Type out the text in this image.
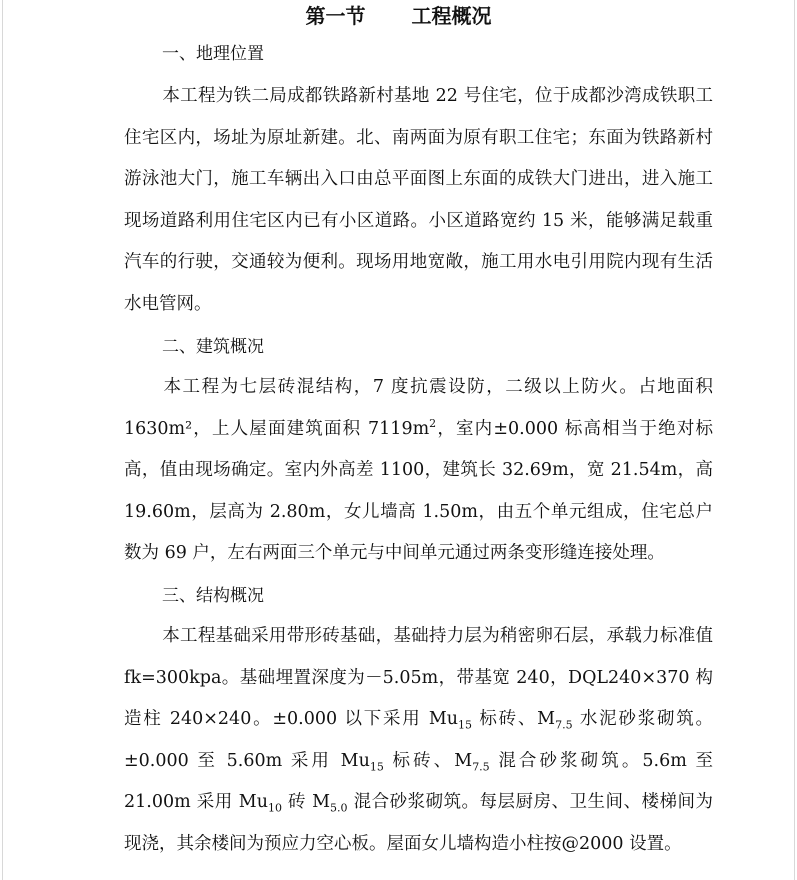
第一节 工程概况
一、地理位置

本工程为铁二局成都铁路新村基地 22 号住宅，位于成都沙湾成铁职工住宅区内，场址为原址新建。北、南两面为原有职工住宅；东面为铁路新村游泳池大门，施工车辆出入口由总平面图上东面的成铁大门进出，进入施工现场道路利用住宅区内已有小区道路。小区道路宽约 15 米，能够满足载重汽车的行驶，交通较为便利。现场用地宽敞，施工用水电引用院内现有生活水电管网。

二、建筑概况

本工程为七层砖混结构，7 度抗震设防，二级以上防火。占地面积 1630m²，上人屋面建筑面积 $7119m^2$，室内±0.000 标高相当于绝对标高，值由现场确定。室内外高差 1100，建筑长 32.69m，宽 21.54m，高 19.60m，层高为 2.80m，女儿墙高 1.50m，由五个单元组成，住宅总户数为 69 户，左右两面三个单元与中间单元通过两条变形缝连接处理。

三、结构概况

本工程基础采用带形砖基础，基础持力层为稍密卵石层，承载力标准值 fk=300kpa。基础埋置深度为－5.05m，带基宽 240，DQL240×370 构造柱 240×240。±0.000 以下采用 $Mu_{15}$ 标砖、$M_{7.5}$ 水泥砂浆砌筑。±0.000 至 5.60m 采用 $Mu_{15}$ 标砖、$M_{7.5}$ 混合砂浆砌筑。5.6m 至 21.00m 采用 $Mu_{10}$ 砖 $M_{5.0}$ 混合砂浆砌筑。每层厨房、卫生间、楼梯间为现浇，其余楼间为预应力空心板。屋面女儿墙构造小柱按@2000 设置。
